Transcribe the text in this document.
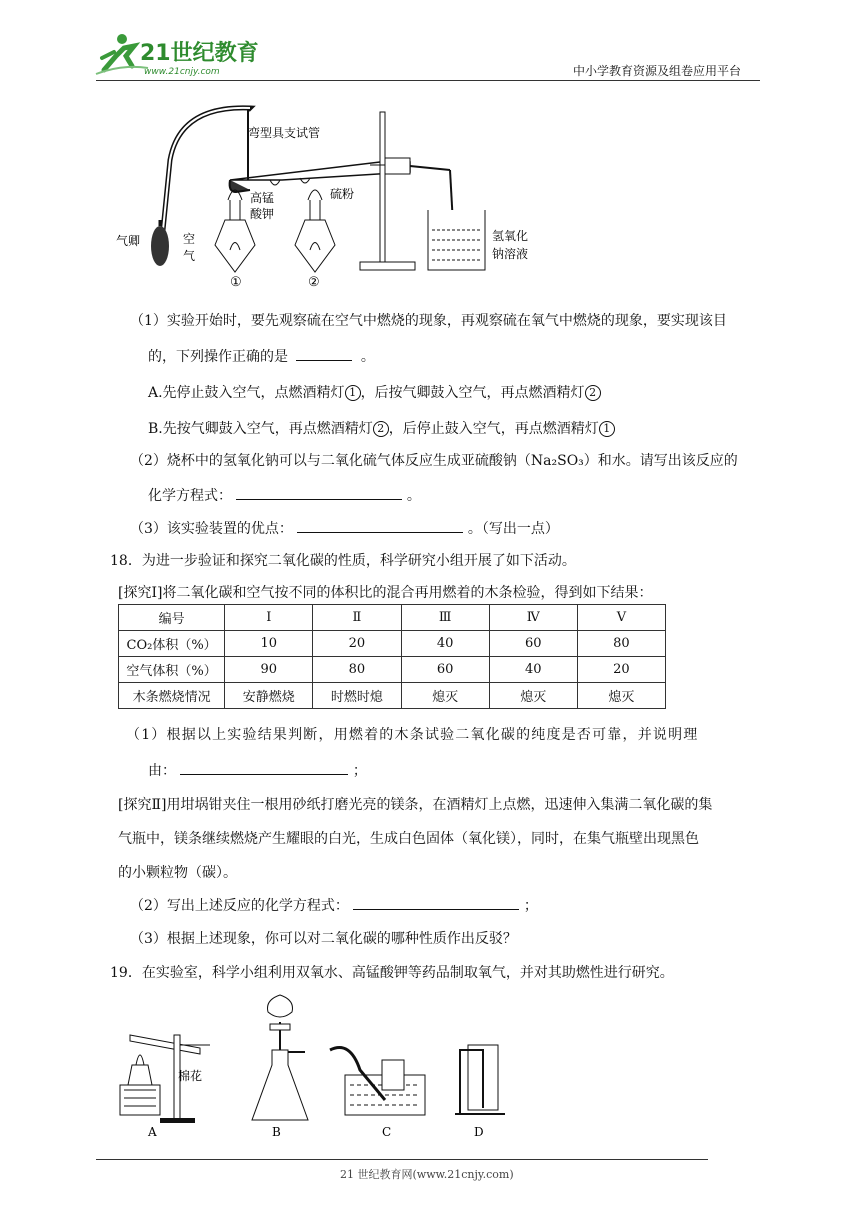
21世纪教育
www.21cnjy.com	中小学教育资源及组卷应用平台
气卿	空
气
弯型具支试管
高锰
酸钾
①
硫粉
②
氢氧化
钠溶液
（1）实验开始时，要先观察硫在空气中燃烧的现象，再观察硫在氧气中燃烧的现象，要实现该目
的，下列操作正确的是	。
A.先停止鼓入空气，点燃酒精灯 1 ，后按气卿鼓入空气，再点燃酒精灯 2
B.先按气卿鼓入空气，再点燃酒精灯 2 ，后停止鼓入空气，再点燃酒精灯 1
（2）烧杯中的氢氧化钠可以与二氧化硫气体反应生成亚硫酸钠（Na₂SO₃）和水。请写出该反应的
化学方程式：	。
（3）该实验装置的优点：	。（写出一点）
18．为进一步验证和探究二氧化碳的性质，科学研究小组开展了如下活动。
[探究Ⅰ]将二氧化碳和空气按不同的体积比的混合再用燃着的木条检验，得到如下结果：
编号	Ⅰ	Ⅱ	Ⅲ	Ⅳ	Ⅴ
CO₂体积（%）	10	20	40	60	80
空气体积（%）	90	80	60	40	20
木条燃烧情况	安静燃烧	时燃时熄	熄灭	熄灭	熄灭
（1）根据以上实验结果判断，用燃着的木条试验二氧化碳的纯度是否可靠，并说明理
由：	；
[探究Ⅱ]用坩埚钳夹住一根用砂纸打磨光亮的镁条，在酒精灯上点燃，迅速伸入集满二氧化碳的集
气瓶中，镁条继续燃烧产生耀眼的白光，生成白色固体（氧化镁），同时，在集气瓶壁出现黑色
的小颗粒物（碳）。
（2）写出上述反应的化学方程式：	；
（3）根据上述现象，你可以对二氧化碳的哪种性质作出反驳？
19．在实验室，科学小组利用双氧水、高锰酸钾等药品制取氧气，并对其助燃性进行研究。
棉花
A	B	C	D
21 世纪教育网(www.21cnjy.com)
